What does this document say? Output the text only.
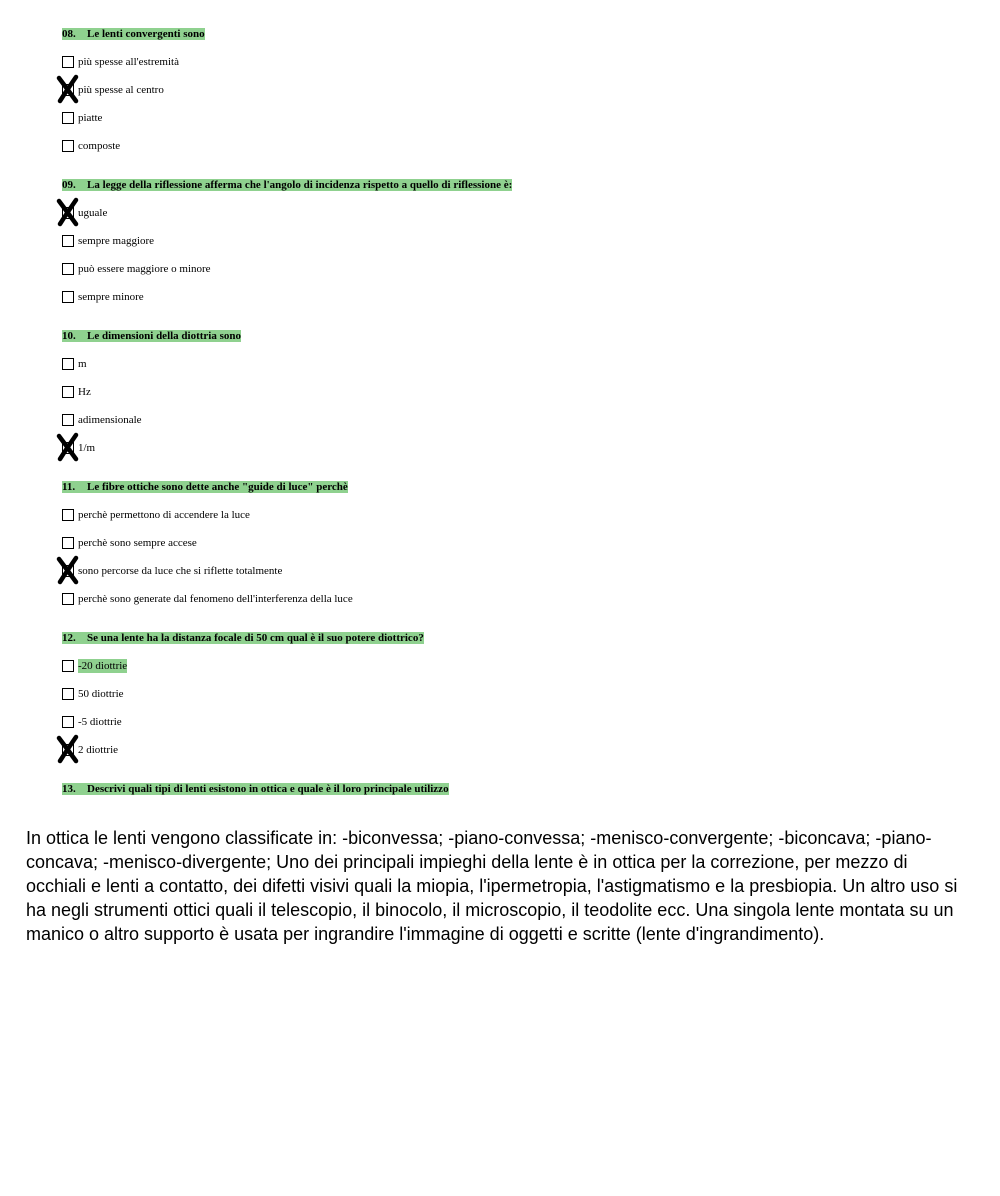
08. Le lenti convergenti sono
più spesse all'estremità
più spesse al centro
piatte
composte
09. La legge della riflessione afferma che l'angolo di incidenza rispetto a quello di riflessione è:
uguale
sempre maggiore
può essere maggiore o minore
sempre minore
10. Le dimensioni della diottria sono
m
Hz
adimensionale
1/m
11. Le fibre ottiche sono dette anche "guide di luce" perchè
perchè permettono di accendere la luce
perchè sono sempre accese
sono percorse da luce che si riflette totalmente
perchè sono generate dal fenomeno dell'interferenza della luce
12. Se una lente ha la distanza focale di 50 cm qual è il suo potere diottrico?
-20 diottrie
50 diottrie
-5 diottrie
2 diottrie
13. Descrivi quali tipi di lenti esistono in ottica e quale è il loro principale utilizzo

In ottica le lenti vengono classificate in: -biconvessa; -piano-convessa; -menisco-convergente; -biconcava; -piano- concava; -menisco-divergente; Uno dei principali impieghi della lente è in ottica per la correzione, per mezzo di occhiali e lenti a contatto, dei difetti visivi quali la miopia, l'ipermetropia, l'astigmatismo e la presbiopia. Un altro uso si ha negli strumenti ottici quali il telescopio, il binocolo, il microscopio, il teodolite ecc. Una singola lente montata su un manico o altro supporto è usata per ingrandire l'immagine di oggetti e scritte (lente d'ingrandimento).
